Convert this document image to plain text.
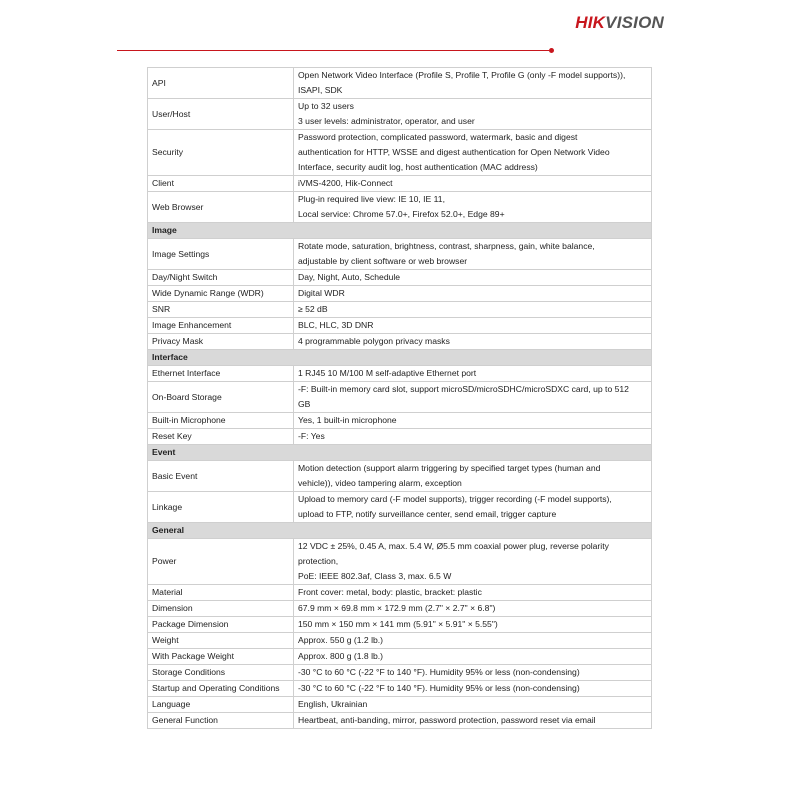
HIKVISION
API	Open Network Video Interface (Profile S, Profile T, Profile G (only -F model supports)),
ISAPI, SDK

User/Host	Up to 32 users
3 user levels: administrator, operator, and user

Security	Password protection, complicated password, watermark, basic and digest
authentication for HTTP, WSSE and digest authentication for Open Network Video
Interface, security audit log, host authentication (MAC address)

Client	iVMS-4200, Hik-Connect

Web Browser	Plug-in required live view: IE 10, IE 11,
Local service: Chrome 57.0+, Firefox 52.0+, Edge 89+

Image	
Image Settings	Rotate mode, saturation, brightness, contrast, sharpness, gain, white balance,
adjustable by client software or web browser

Day/Night Switch	Day, Night, Auto, Schedule

Wide Dynamic Range (WDR)	Digital WDR

SNR	≥ 52 dB

Image Enhancement	BLC, HLC, 3D DNR

Privacy Mask	4 programmable polygon privacy masks

Interface	
Ethernet Interface	1 RJ45 10 M/100 M self-adaptive Ethernet port

On-Board Storage	-F: Built-in memory card slot, support microSD/microSDHC/microSDXC card, up to 512
GB

Built-in Microphone	Yes, 1 built-in microphone

Reset Key	-F: Yes

Event	
Basic Event	Motion detection (support alarm triggering by specified target types (human and
vehicle)), video tampering alarm, exception

Linkage	Upload to memory card (-F model supports), trigger recording (-F model supports),
upload to FTP, notify surveillance center, send email, trigger capture

General	
Power	12 VDC ± 25%, 0.45 A, max. 5.4 W, Ø5.5 mm coaxial power plug, reverse polarity
protection,
PoE: IEEE 802.3af, Class 3, max. 6.5 W

Material	Front cover: metal, body: plastic, bracket: plastic

Dimension	67.9 mm × 69.8 mm × 172.9 mm (2.7" × 2.7" × 6.8")

Package Dimension	150 mm × 150 mm × 141 mm (5.91" × 5.91" × 5.55")

Weight	Approx. 550 g (1.2 lb.)

With Package Weight	Approx. 800 g (1.8 lb.)

Storage Conditions	-30 °C to 60 °C (-22 °F to 140 °F). Humidity 95% or less (non-condensing)

Startup and Operating Conditions	-30 °C to 60 °C (-22 °F to 140 °F). Humidity 95% or less (non-condensing)

Language	English, Ukrainian

General Function	Heartbeat, anti-banding, mirror, password protection, password reset via email
